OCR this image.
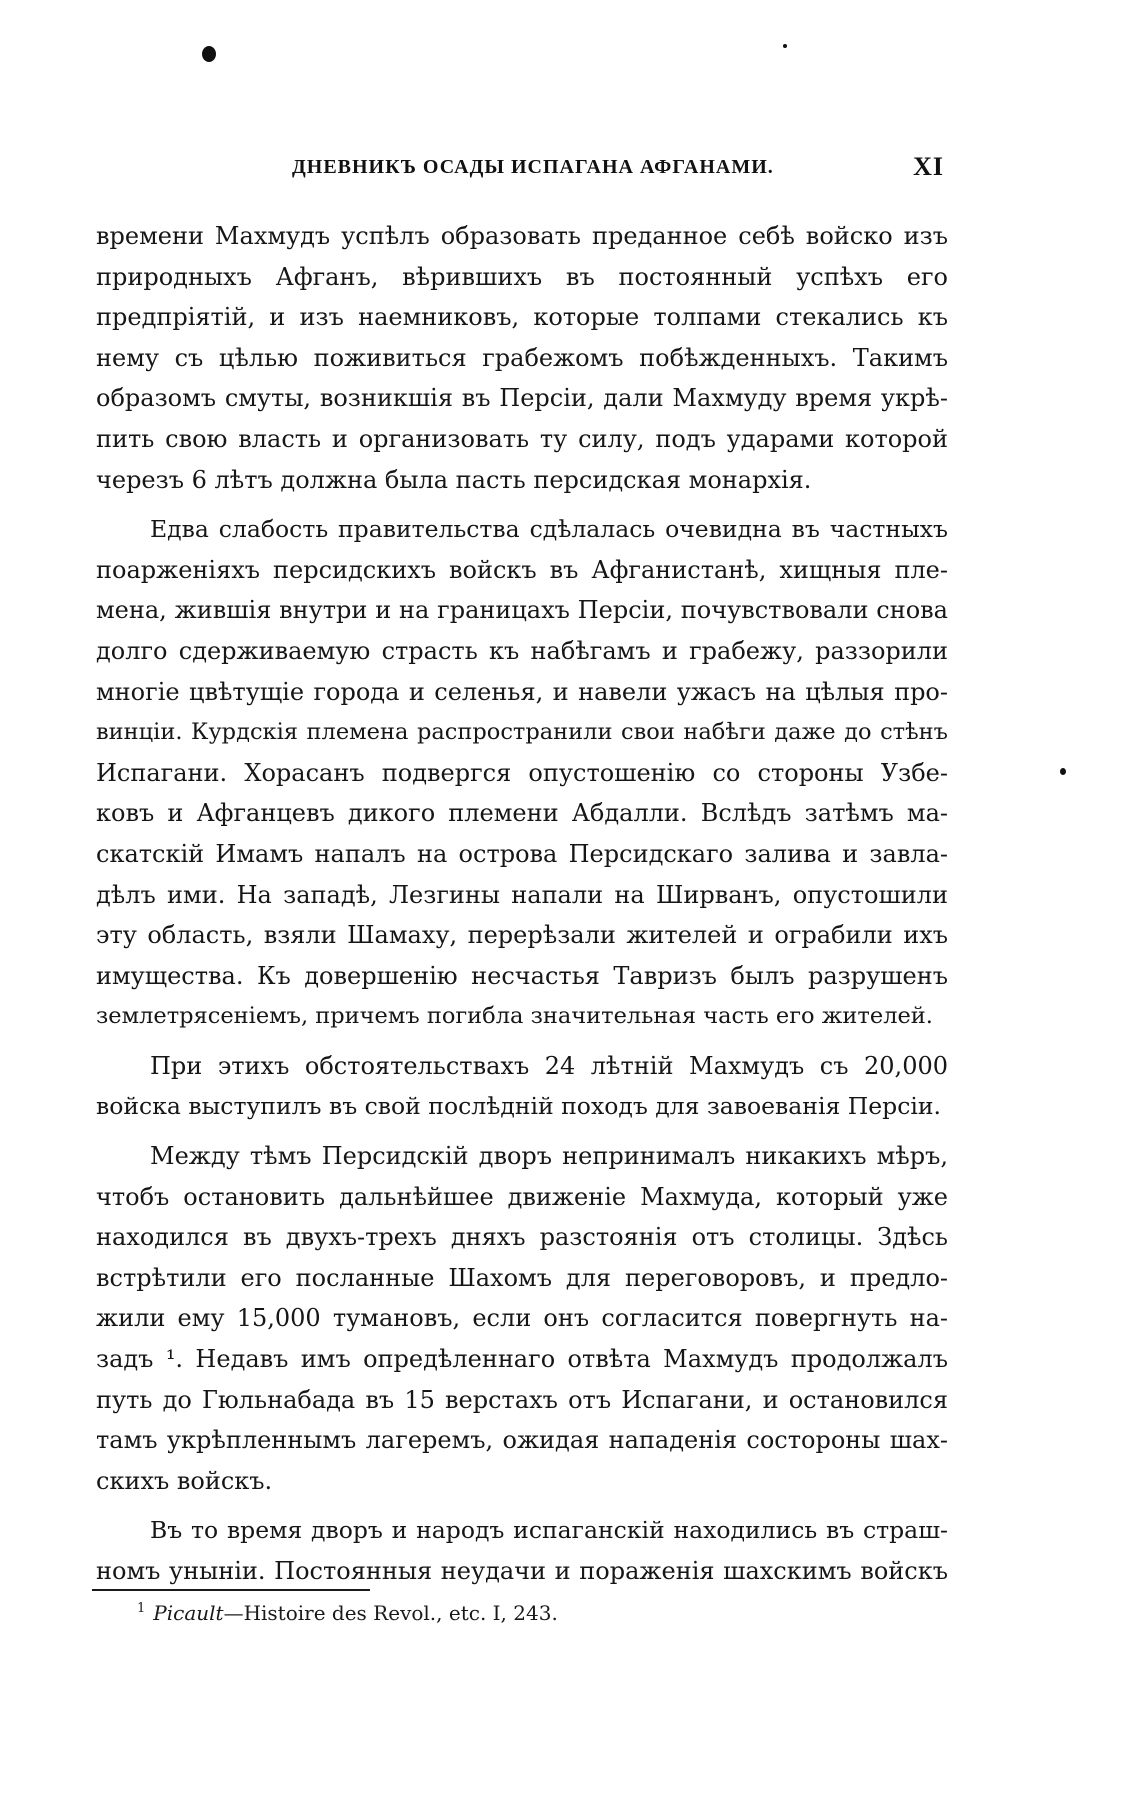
ДНЕВНИКЪ ОСАДЫ ИСПАГАНА АФГАНАМИ.	XI
времени Махмудъ успѣлъ образовать преданное себѣ войско изъ
природныхъ Афганъ, вѣрившихъ въ постоянный успѣхъ его
предпріятій, и изъ наемниковъ, которые толпами стекались къ
нему съ цѣлью поживиться грабежомъ побѣжденныхъ. Такимъ
образомъ смуты, возникшія въ Персіи, дали Махмуду время укрѣ-
пить свою власть и организовать ту силу, подъ ударами которой
черезъ 6 лѣтъ должна была пасть персидская монархія.
Едва слабость правительства сдѣлалась очевидна въ частныхъ
поарженіяхъ персидскихъ войскъ въ Афганистанѣ, хищныя пле-
мена, жившія внутри и на границахъ Персіи, почувствовали снова
долго сдерживаемую страсть къ набѣгамъ и грабежу, раззорили
многіе цвѣтущіе города и селенья, и навели ужасъ на цѣлыя про-
винціи. Курдскія племена распространили свои набѣги даже до стѣнъ
Испагани. Хорасанъ подвергся опустошенію со стороны Узбе-
ковъ и Афганцевъ дикого племени Абдалли. Вслѣдъ затѣмъ ма-
скатскій Имамъ напалъ на острова Персидскаго залива и завла-
дѣлъ ими. На западѣ, Лезгины напали на Ширванъ, опустошили
эту область, взяли Шамаху, перерѣзали жителей и ограбили ихъ
имущества. Къ довершенію несчастья Тавризъ былъ разрушенъ
землетрясеніемъ, причемъ погибла значительная часть его жителей.
При этихъ обстоятельствахъ 24 лѣтній Махмудъ съ 20,000
войска выступилъ въ свой послѣдній походъ для завоеванія Персіи.
Между тѣмъ Персидскій дворъ непринималъ никакихъ мѣръ,
чтобъ остановить дальнѣйшее движеніе Махмуда, который уже
находился въ двухъ-трехъ дняхъ разстоянія отъ столицы. Здѣсь
встрѣтили его посланные Шахомъ для переговоровъ, и предло-
жили ему 15,000 тумановъ, если онъ согласится повергнуть на-
задъ ¹. Недавъ имъ опредѣленнаго отвѣта Махмудъ продолжалъ
путь до Гюльнабада въ 15 верстахъ отъ Испагани, и остановился
тамъ укрѣпленнымъ лагеремъ, ожидая нападенія состороны шах-
скихъ войскъ.
Въ то время дворъ и народъ испаганскій находились въ страш-
номъ уныніи. Постоянныя неудачи и пораженія шахскимъ войскъ
$^1$ Picault—Histoire des Revol., etc. I, 243.
